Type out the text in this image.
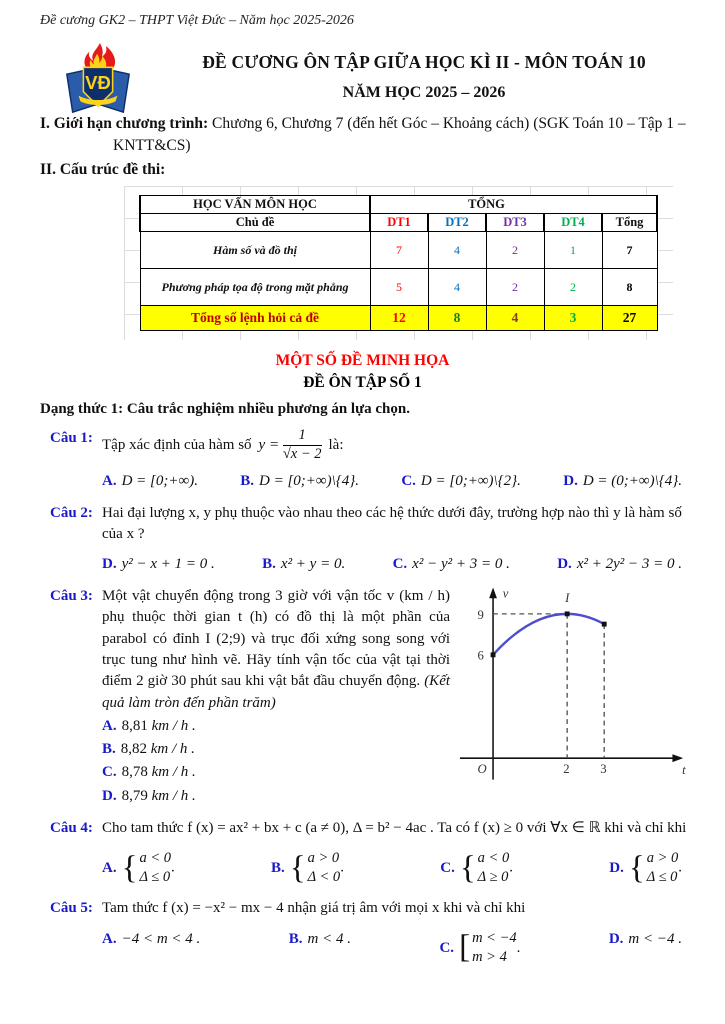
Đề cương GK2 – THPT Việt Đức – Năm học 2025-2026
VĐ
ĐỀ CƯƠNG ÔN TẬP GIỮA HỌC KÌ II - MÔN TOÁN 10
NĂM HỌC 2025 – 2026
I. Giới hạn chương trình: Chương 6, Chương 7 (đến hết Góc – Khoảng cách) (SGK Toán 10 – Tập 1 –
KNTT&CS)
II. Cấu trúc đề thi:
HỌC VẤN MÔN HỌC	TỔNG				
Chủ đề	DT1	DT2	DT3	DT4	Tổng
Hàm số và đồ thị	7	4	2	1	7
Phương pháp tọa độ trong mặt phẳng	5	4	2	2	8
Tổng số lệnh hỏi cả đề	12	8	4	3	27
MỘT SỐ ĐỀ MINH HỌA
ĐỀ ÔN TẬP SỐ 1
Dạng thức 1: Câu trắc nghiệm nhiều phương án lựa chọn.
Câu 1: Tập xác định của hàm số y =
$\frac{1}{√x - 2}$ là:
A. D = [0;+∞).	B. D = [0;+∞)\{4}.	C. D = [0;+∞)\{2}.	D. D = (0;+∞)\{4}.
Câu 2: Hai đại lượng x, y phụ thuộc vào nhau theo các hệ thức dưới đây, trường hợp nào thì y là hàm số của x ?
D. y² − x + 1 = 0 .	B. x² + y = 0.	C. x² − y² + 3 = 0 .	D. x² + 2y² − 3 = 0 .
Câu 3:	v
t
O
I
9
6
2 3
Một vật chuyển động trong 3 giờ với vận tốc v (km / h) phụ thuộc thời gian t (h) có đồ thị là một phần của parabol có đỉnh I (2;9) và trục đối xứng song song với trục tung như hình vẽ. Hãy tính vận tốc của vật tại thời điểm 2 giờ 30 phút sau khi vật bắt đầu chuyển động. (Kết quả làm tròn đến phần trăm)
A. 8,81 km / h .
B. 8,82 km / h .
C. 8,78 km / h .
D. 8,79 km / h .
Câu 4: Cho tam thức f (x) = ax² + bx + c (a ≠ 0), Δ = b² − 4ac . Ta có f (x) ≥ 0 với ∀x ∈ ℝ khi và chỉ khi
A. { a < 0
Δ ≤ 0
.	B. { a > 0
Δ < 0
.	C. { a < 0
Δ ≥ 0
.	D. { a > 0
Δ ≤ 0
.
Câu 5: Tam thức f (x) = −x² − mx − 4 nhận giá trị âm với mọi x khi và chỉ khi
A. −4 < m < 4 .	B. m < 4 .
C. [ m < −4
m > 4
.
D. m < −4 .
